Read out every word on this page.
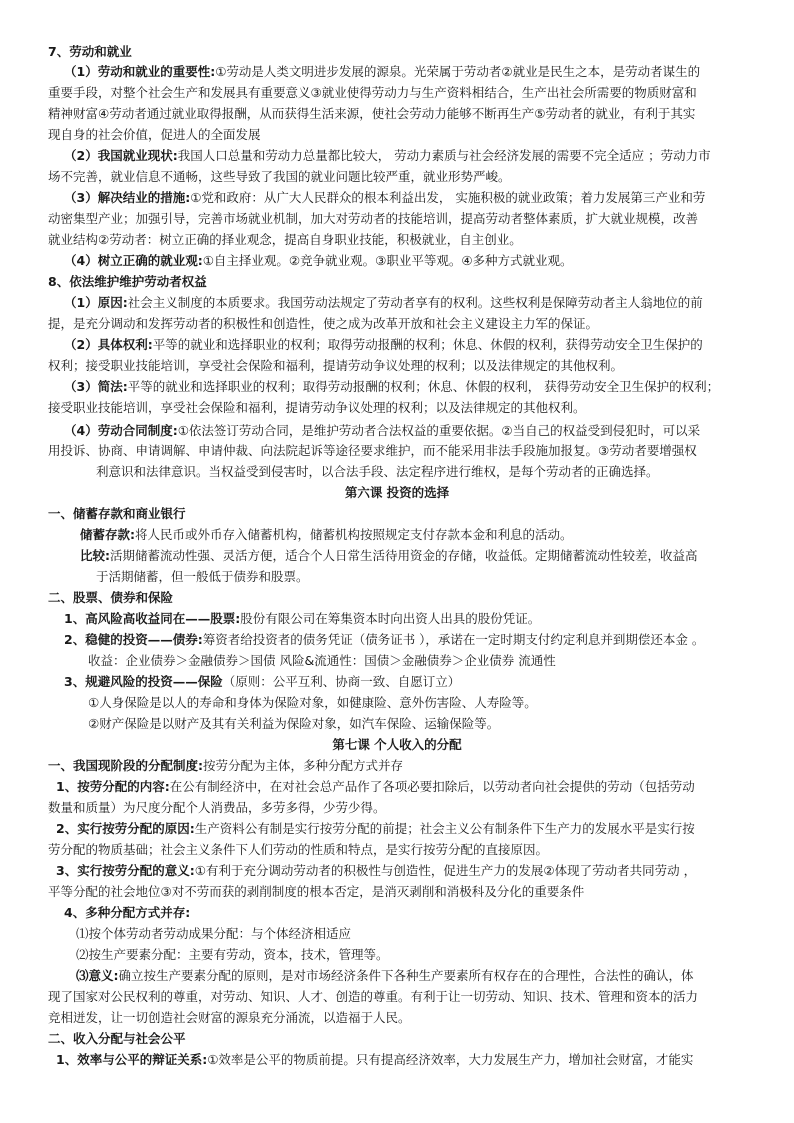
7、劳动和就业
（1）劳动和就业的重要性:①劳动是人类文明进步发展的源泉。光荣属于劳动者②就业是民生之本，是劳动者谋生的
重要手段，对整个社会生产和发展具有重要意义③就业使得劳动力与生产资料相结合，生产出社会所需要的物质财富和
精神财富④劳动者通过就业取得报酬，从而获得生活来源，使社会劳动力能够不断再生产⑤劳动者的就业，有利于其实
现自身的社会价值，促进人的全面发展
（2）我国就业现状:我国人口总量和劳动力总量都比较大， 劳动力素质与社会经济发展的需要不完全适应 ；劳动力市
场不完善，就业信息不通畅，这些导致了我国的就业问题比较严重，就业形势严峻。
（3）解决结业的措施:①党和政府：从广大人民群众的根本利益出发， 实施积极的就业政策；着力发展第三产业和劳
动密集型产业；加强引导，完善市场就业机制，加大对劳动者的技能培训，提高劳动者整体素质，扩大就业规模，改善
就业结构②劳动者：树立正确的择业观念，提高自身职业技能，积极就业，自主创业。
（4）树立正确的就业观:①自主择业观。②竞争就业观。③职业平等观。④多种方式就业观。
8、依法维护维护劳动者权益
（1）原因:社会主义制度的本质要求。我国劳动法规定了劳动者享有的权利。这些权利是保障劳动者主人翁地位的前
提，是充分调动和发挥劳动者的积极性和创造性，使之成为改革开放和社会主义建设主力军的保证。
（2）具体权利:平等的就业和选择职业的权利；取得劳动报酬的权利；休息、休假的权利，获得劳动安全卫生保护的
权利；接受职业技能培训，享受社会保险和福利，提请劳动争议处理的权利；以及法律规定的其他权利。
（3）简法:平等的就业和选择职业的权利；取得劳动报酬的权利；休息、休假的权利， 获得劳动安全卫生保护的权利；
接受职业技能培训，享受社会保险和福利，提请劳动争议处理的权利；以及法律规定的其他权利。
（4）劳动合同制度:①依法签订劳动合同，是维护劳动者合法权益的重要依据。②当自己的权益受到侵犯时，可以采
用投诉、协商、申请调解、申请仲裁、向法院起诉等途径要求维护，而不能采用非法手段施加报复。③劳动者要增强权
利意识和法律意识。当权益受到侵害时，以合法手段、法定程序进行维权，是每个劳动者的正确选择。
第六课 投资的选择
一、储蓄存款和商业银行
储蓄存款:将人民币或外币存入储蓄机构，储蓄机构按照规定支付存款本金和利息的活动。
比较:活期储蓄流动性强、灵活方便，适合个人日常生活待用资金的存储，收益低。定期储蓄流动性较差，收益高
于活期储蓄，但一般低于债券和股票。
二、股票、债券和保险
1、高风险高收益同在——股票:股份有限公司在筹集资本时向出资人出具的股份凭证。
2、稳健的投资——债券:筹资者给投资者的债务凭证（债务证书 ），承诺在一定时期支付约定利息并到期偿还本金 。
收益：企业债券＞金融债券＞国债 风险&流通性：国债＞金融债券＞企业债券 流通性
3、规避风险的投资——保险（原则：公平互利、协商一致、自愿订立）
①人身保险是以人的寿命和身体为保险对象，如健康险、意外伤害险、人寿险等。
②财产保险是以财产及其有关利益为保险对象，如汽车保险、运输保险等。
第七课 个人收入的分配
一、我国现阶段的分配制度:按劳分配为主体，多种分配方式并存
1、按劳分配的内容:在公有制经济中，在对社会总产品作了各项必要扣除后，以劳动者向社会提供的劳动（包括劳动
数量和质量）为尺度分配个人消费品，多劳多得，少劳少得。
2、实行按劳分配的原因:生产资料公有制是实行按劳分配的前提；社会主义公有制条件下生产力的发展水平是实行按
劳分配的物质基础；社会主义条件下人们劳动的性质和特点，是实行按劳分配的直接原因。
3、实行按劳分配的意义:①有利于充分调动劳动者的积极性与创造性，促进生产力的发展②体现了劳动者共同劳动 ，
平等分配的社会地位③对不劳而获的剥削制度的根本否定，是消灭剥削和消极科及分化的重要条件
4、多种分配方式并存:
⑴按个体劳动者劳动成果分配：与个体经济相适应
⑵按生产要素分配：主要有劳动，资本，技术，管理等。
⑶意义:确立按生产要素分配的原则，是对市场经济条件下各种生产要素所有权存在的合理性，合法性的确认，体
现了国家对公民权利的尊重，对劳动、知识、人才、创造的尊重。有利于让一切劳动、知识、技术、管理和资本的活力
竞相迸发，让一切创造社会财富的源泉充分涌流，以造福于人民。
二、收入分配与社会公平
1、效率与公平的辩证关系:①效率是公平的物质前提。只有提高经济效率，大力发展生产力，增加社会财富，才能实
